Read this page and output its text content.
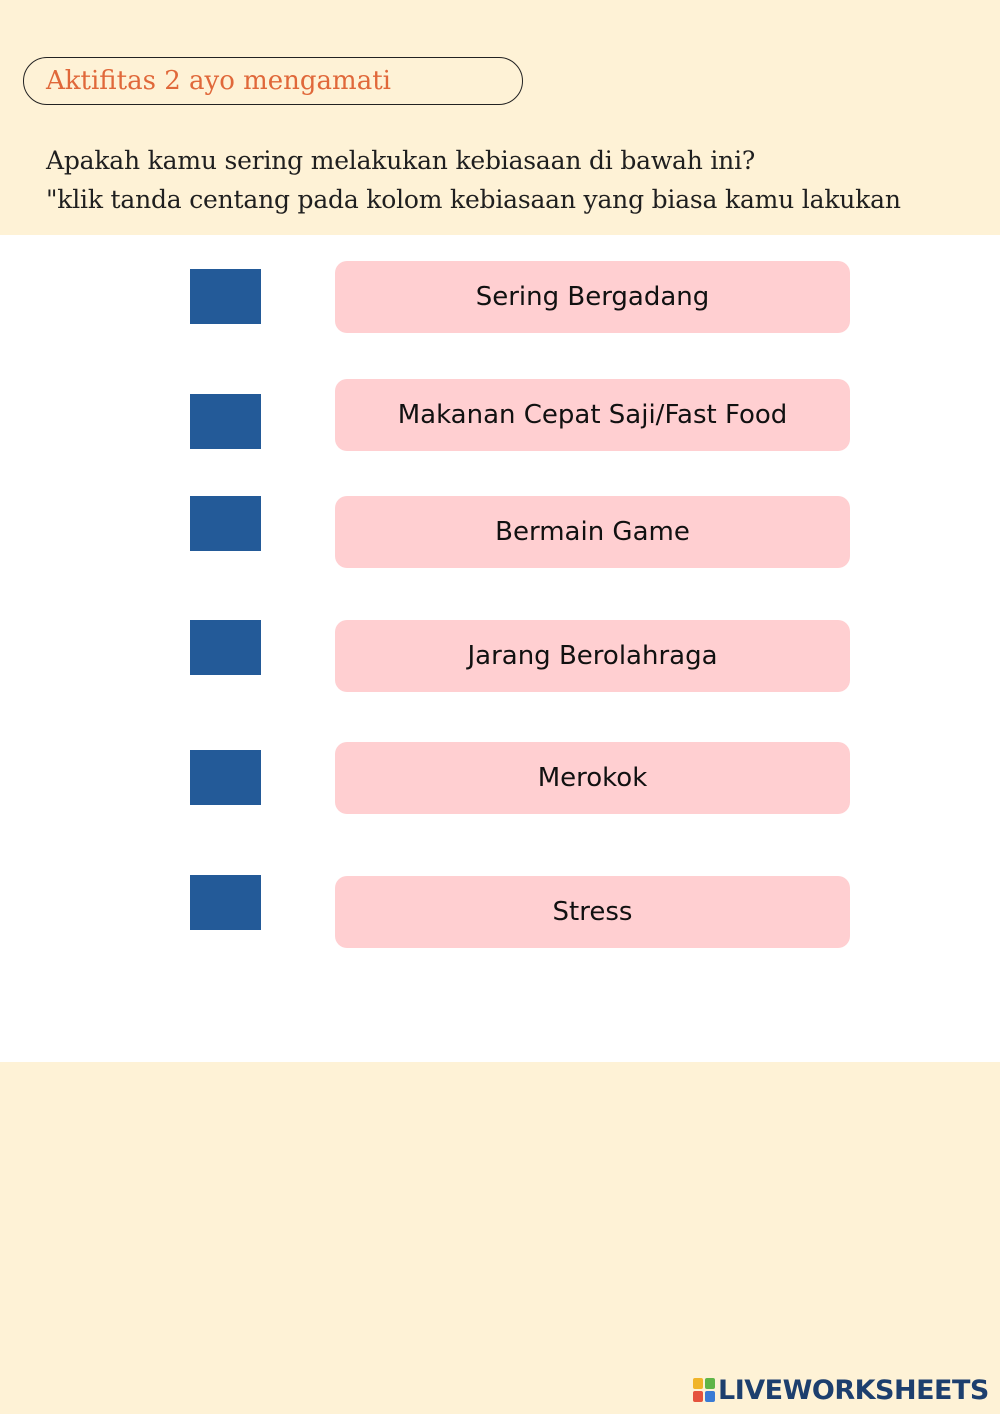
Aktifitas 2 ayo mengamati
Apakah kamu sering melakukan kebiasaan di bawah ini?
"klik tanda centang pada kolom kebiasaan yang biasa kamu lakukan
Sering Bergadang
Makanan Cepat Saji/Fast Food
Bermain Game
Jarang Berolahraga
Merokok
Stress
LIVEWORKSHEETS
